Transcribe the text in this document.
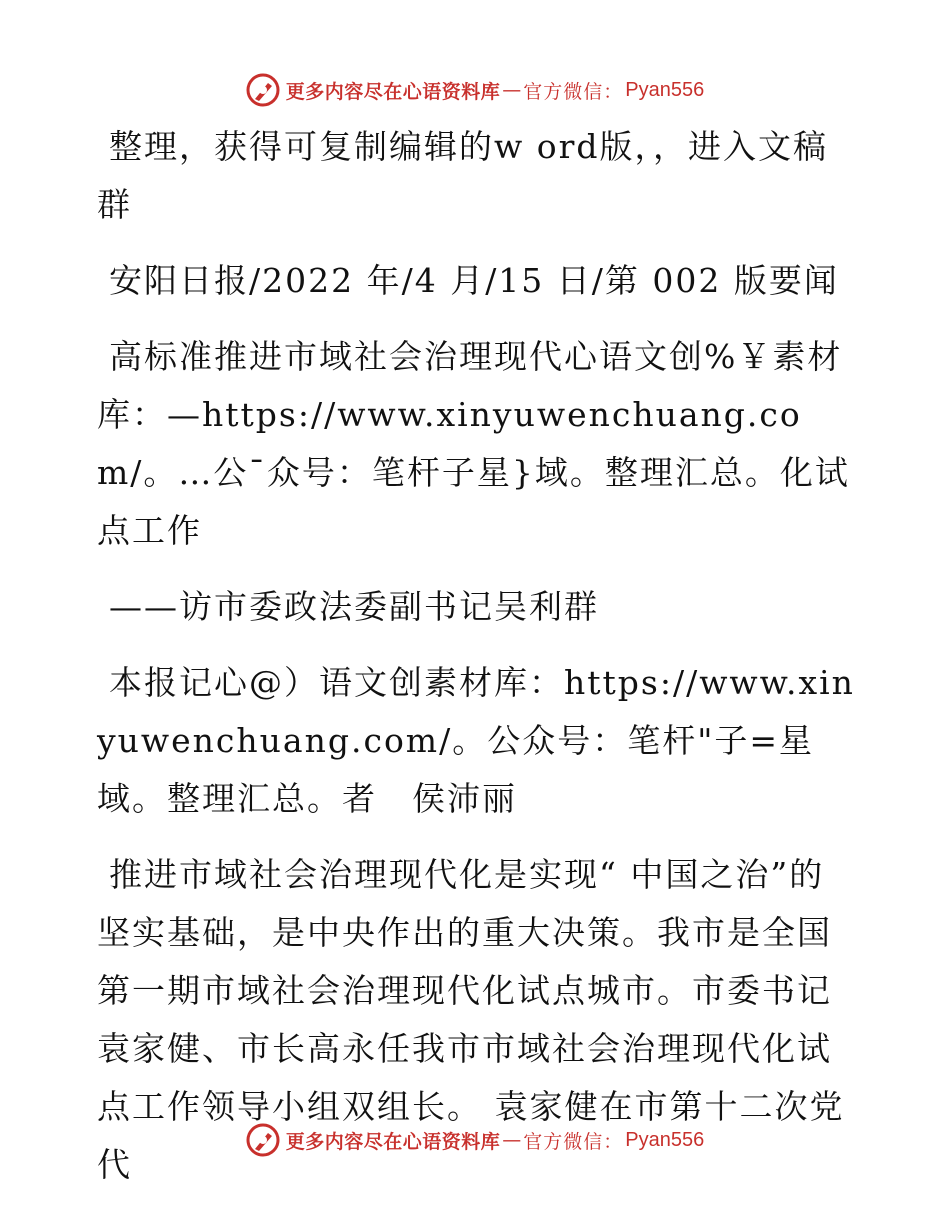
更多内容尽在心语资料库 — 官方微信： Pyan556

整理，获得可复制编辑的w ord版，，进入文稿群

安阳日报/2022 年/4 月/15 日/第 002 版要闻

高标准推进市域社会治理现代心语文创%￥素材库：—https://www.xinyuwenchuang.com/。…公¯众号：笔杆子星}域。整理汇总。化试点工作

——访市委政法委副书记吴利群

本报记心@）语文创素材库：https://www.xinyuwenchuang.com/。公众号：笔杆"子=星域。整理汇总。者　侯沛丽

推进市域社会治理现代化是实现“ 中国之治”的坚实基础，是中央作出的重大决策。我市是全国第一期市域社会治理现代化试点城市。市委书记袁家健、市长高永任我市市域社会治理现代化试点工作领导小组双组长。 袁家健在市第十二次党代

更多内容尽在心语资料库 — 官方微信： Pyan556
